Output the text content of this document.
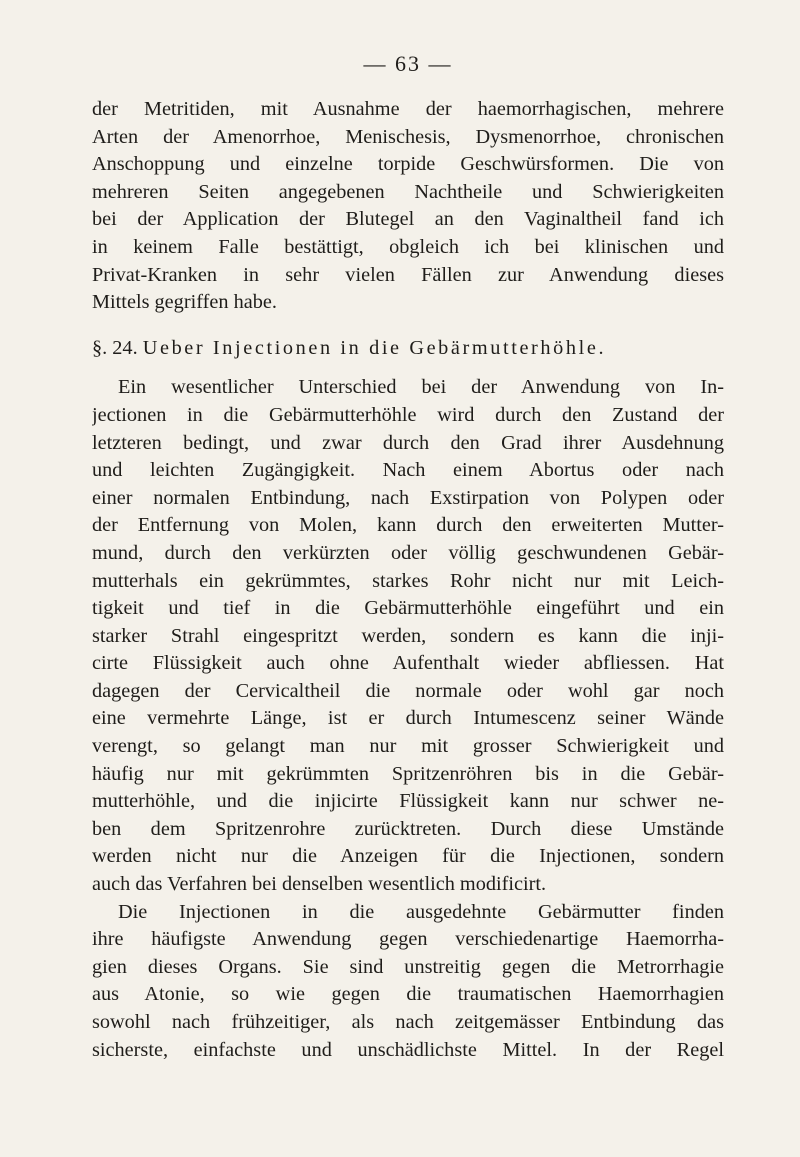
— 63 —

der Metritiden, mit Ausnahme der haemorrhagischen, mehrere
Arten der Amenorrhoe, Menischesis, Dysmenorrhoe, chronischen
Anschoppung und einzelne torpide Geschwürsformen. Die von
mehreren Seiten angegebenen Nachtheile und Schwierigkeiten
bei der Application der Blutegel an den Vaginaltheil fand ich
in keinem Falle bestättigt, obgleich ich bei klinischen und
Privat-Kranken in sehr vielen Fällen zur Anwendung dieses
Mittels gegriffen habe.

§. 24. Ueber Injectionen in die Gebärmutterhöhle.

Ein wesentlicher Unterschied bei der Anwendung von In-
jectionen in die Gebärmutterhöhle wird durch den Zustand der
letzteren bedingt, und zwar durch den Grad ihrer Ausdehnung
und leichten Zugängigkeit. Nach einem Abortus oder nach
einer normalen Entbindung, nach Exstirpation von Polypen oder
der Entfernung von Molen, kann durch den erweiterten Mutter-
mund, durch den verkürzten oder völlig geschwundenen Gebär-
mutterhals ein gekrümmtes, starkes Rohr nicht nur mit Leich-
tigkeit und tief in die Gebärmutterhöhle eingeführt und ein
starker Strahl eingespritzt werden, sondern es kann die inji-
cirte Flüssigkeit auch ohne Aufenthalt wieder abfliessen. Hat
dagegen der Cervicaltheil die normale oder wohl gar noch
eine vermehrte Länge, ist er durch Intumescenz seiner Wände
verengt, so gelangt man nur mit grosser Schwierigkeit und
häufig nur mit gekrümmten Spritzenröhren bis in die Gebär-
mutterhöhle, und die injicirte Flüssigkeit kann nur schwer ne-
ben dem Spritzenrohre zurücktreten. Durch diese Umstände
werden nicht nur die Anzeigen für die Injectionen, sondern
auch das Verfahren bei denselben wesentlich modificirt.

Die Injectionen in die ausgedehnte Gebärmutter finden
ihre häufigste Anwendung gegen verschiedenartige Haemorrha-
gien dieses Organs. Sie sind unstreitig gegen die Metrorrhagie
aus Atonie, so wie gegen die traumatischen Haemorrhagien
sowohl nach frühzeitiger, als nach zeitgemässer Entbindung das
sicherste, einfachste und unschädlichste Mittel. In der Regel
